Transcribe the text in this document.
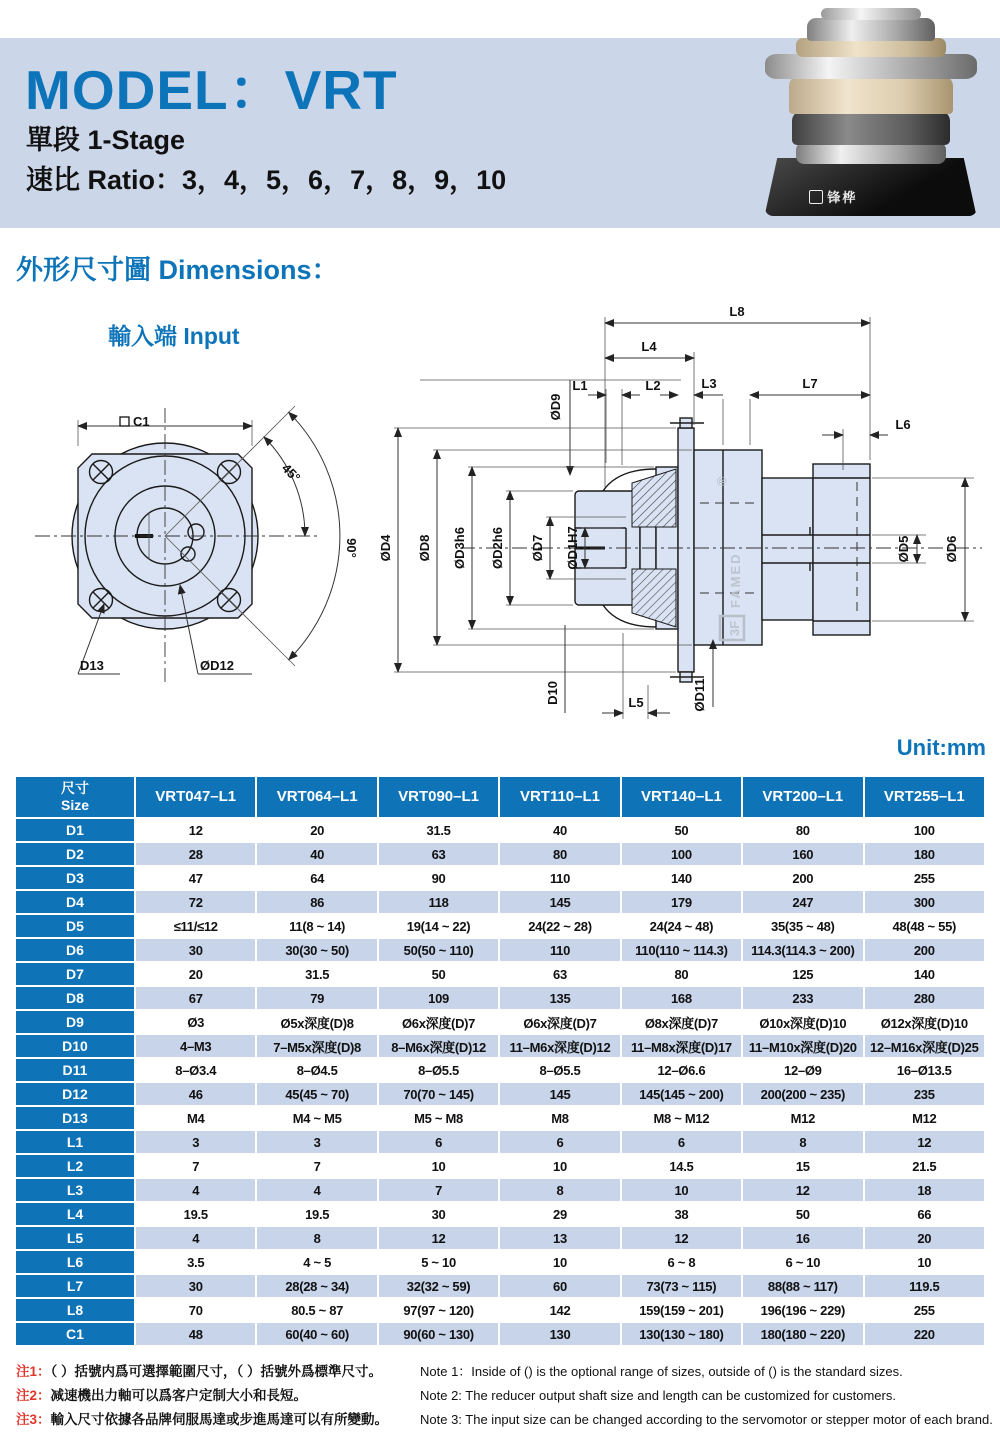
MODEL：VRT
單段 1-Stage
速比 Ratio：3，4，5，6，7，8，9，10
锋桦
外形尺寸圖 Dimensions：
輸入端 Input
Unit:mm
C1
45°
90°
D13	ØD12
FAMED
3F
®
L8
L4
L1	L2	L3	L7
L6
ØD9
ØD4 ØD8 ØD3h6 ØD2h6 ØD7 ØD1H7
D10	L5	ØD11
ØD5	ØD6
尺寸
Size	VRT047–L1	VRT064–L1	VRT090–L1	VRT110–L1	VRT140–L1	VRT200–L1	VRT255–L1
D1	12	20	31.5	40	50	80	100
D2	28	40	63	80	100	160	180
D3	47	64	90	110	140	200	255
D4	72	86	118	145	179	247	300
D5	≤11/≤12	11(8 ~ 14)	19(14 ~ 22)	24(22 ~ 28)	24(24 ~ 48)	35(35 ~ 48)	48(48 ~ 55)
D6	30	30(30 ~ 50)	50(50 ~ 110)	110	110(110 ~ 114.3)	114.3(114.3 ~ 200)	200
D7	20	31.5	50	63	80	125	140
D8	67	79	109	135	168	233	280
D9	Ø3	Ø5x深度(D)8	Ø6x深度(D)7	Ø6x深度(D)7	Ø8x深度(D)7	Ø10x深度(D)10	Ø12x深度(D)10
D10	4–M3	7–M5x深度(D)8	8–M6x深度(D)12	11–M6x深度(D)12	11–M8x深度(D)17	11–M10x深度(D)20	12–M16x深度(D)25
D11	8–Ø3.4	8–Ø4.5	8–Ø5.5	8–Ø5.5	12–Ø6.6	12–Ø9	16–Ø13.5
D12	46	45(45 ~ 70)	70(70 ~ 145)	145	145(145 ~ 200)	200(200 ~ 235)	235
D13	M4	M4 ~ M5	M5 ~ M8	M8	M8 ~ M12	M12	M12
L1	3	3	6	6	6	8	12
L2	7	7	10	10	14.5	15	21.5
L3	4	4	7	8	10	12	18
L4	19.5	19.5	30	29	38	50	66
L5	4	8	12	13	12	16	20
L6	3.5	4 ~ 5	5 ~ 10	10	6 ~ 8	6 ~ 10	10
L7	30	28(28 ~ 34)	32(32 ~ 59)	60	73(73 ~ 115)	88(88 ~ 117)	119.5
L8	70	80.5 ~ 87	97(97 ~ 120)	142	159(159 ~ 201)	196(196 ~ 229)	255
C1	48	60(40 ~ 60)	90(60 ~ 130)	130	130(130 ~ 180)	180(180 ~ 220)	220
注1：（ ）括號内爲可選擇範圍尺寸，（ ）括號外爲標準尺寸。
注2：减速機出力軸可以爲客户定制大小和長短。
注3：輸入尺寸依據各品牌伺服馬達或步進馬達可以有所變動。
Note 1：Inside of () is the optional range of sizes, outside of () is the standard sizes.
Note 2: The reducer output shaft size and length can be customized for customers.
Note 3: The input size can be changed according to the servomotor or stepper motor of each brand.
